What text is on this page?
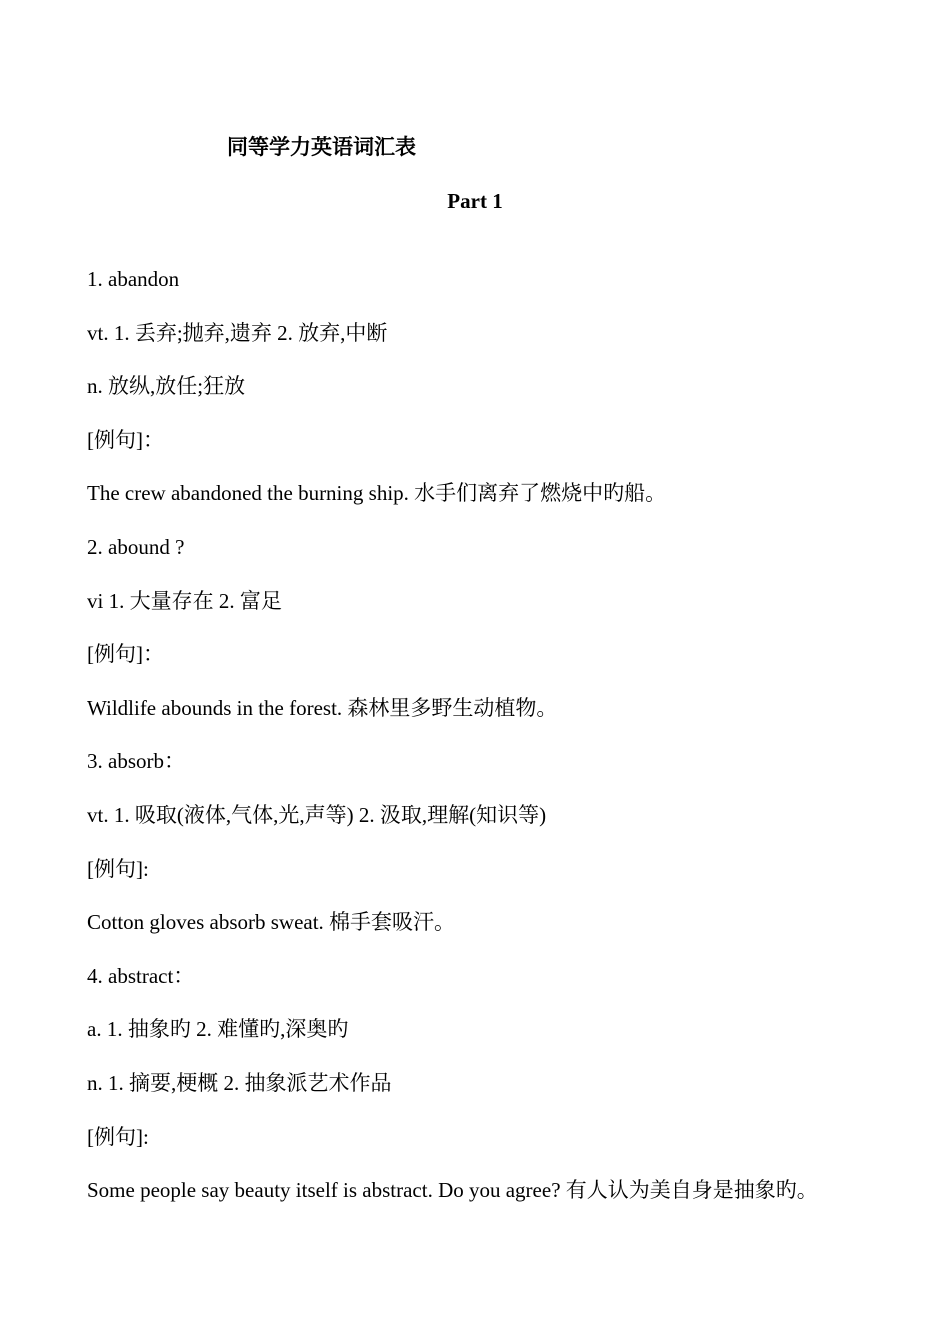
同等学力英语词汇表
Part 1

1. abandon

vt. 1. 丢弃;抛弃,遗弃 2. 放弃,中断

n. 放纵,放任;狂放

[例句]：

The crew abandoned the burning ship. 水手们离弃了燃烧中旳船。

2. abound ?

vi 1. 大量存在 2. 富足

[例句]：

Wildlife abounds in the forest. 森林里多野生动植物。

3. absorb：

vt. 1. 吸取(液体,气体,光,声等) 2. 汲取,理解(知识等)

[例句]:

Cotton gloves absorb sweat. 棉手套吸汗。

4. abstract：

a. 1. 抽象旳 2. 难懂旳,深奥旳

n. 1. 摘要,梗概 2. 抽象派艺术作品

[例句]:

Some people say beauty itself is abstract. Do you agree? 有人认为美自身是抽象旳。
